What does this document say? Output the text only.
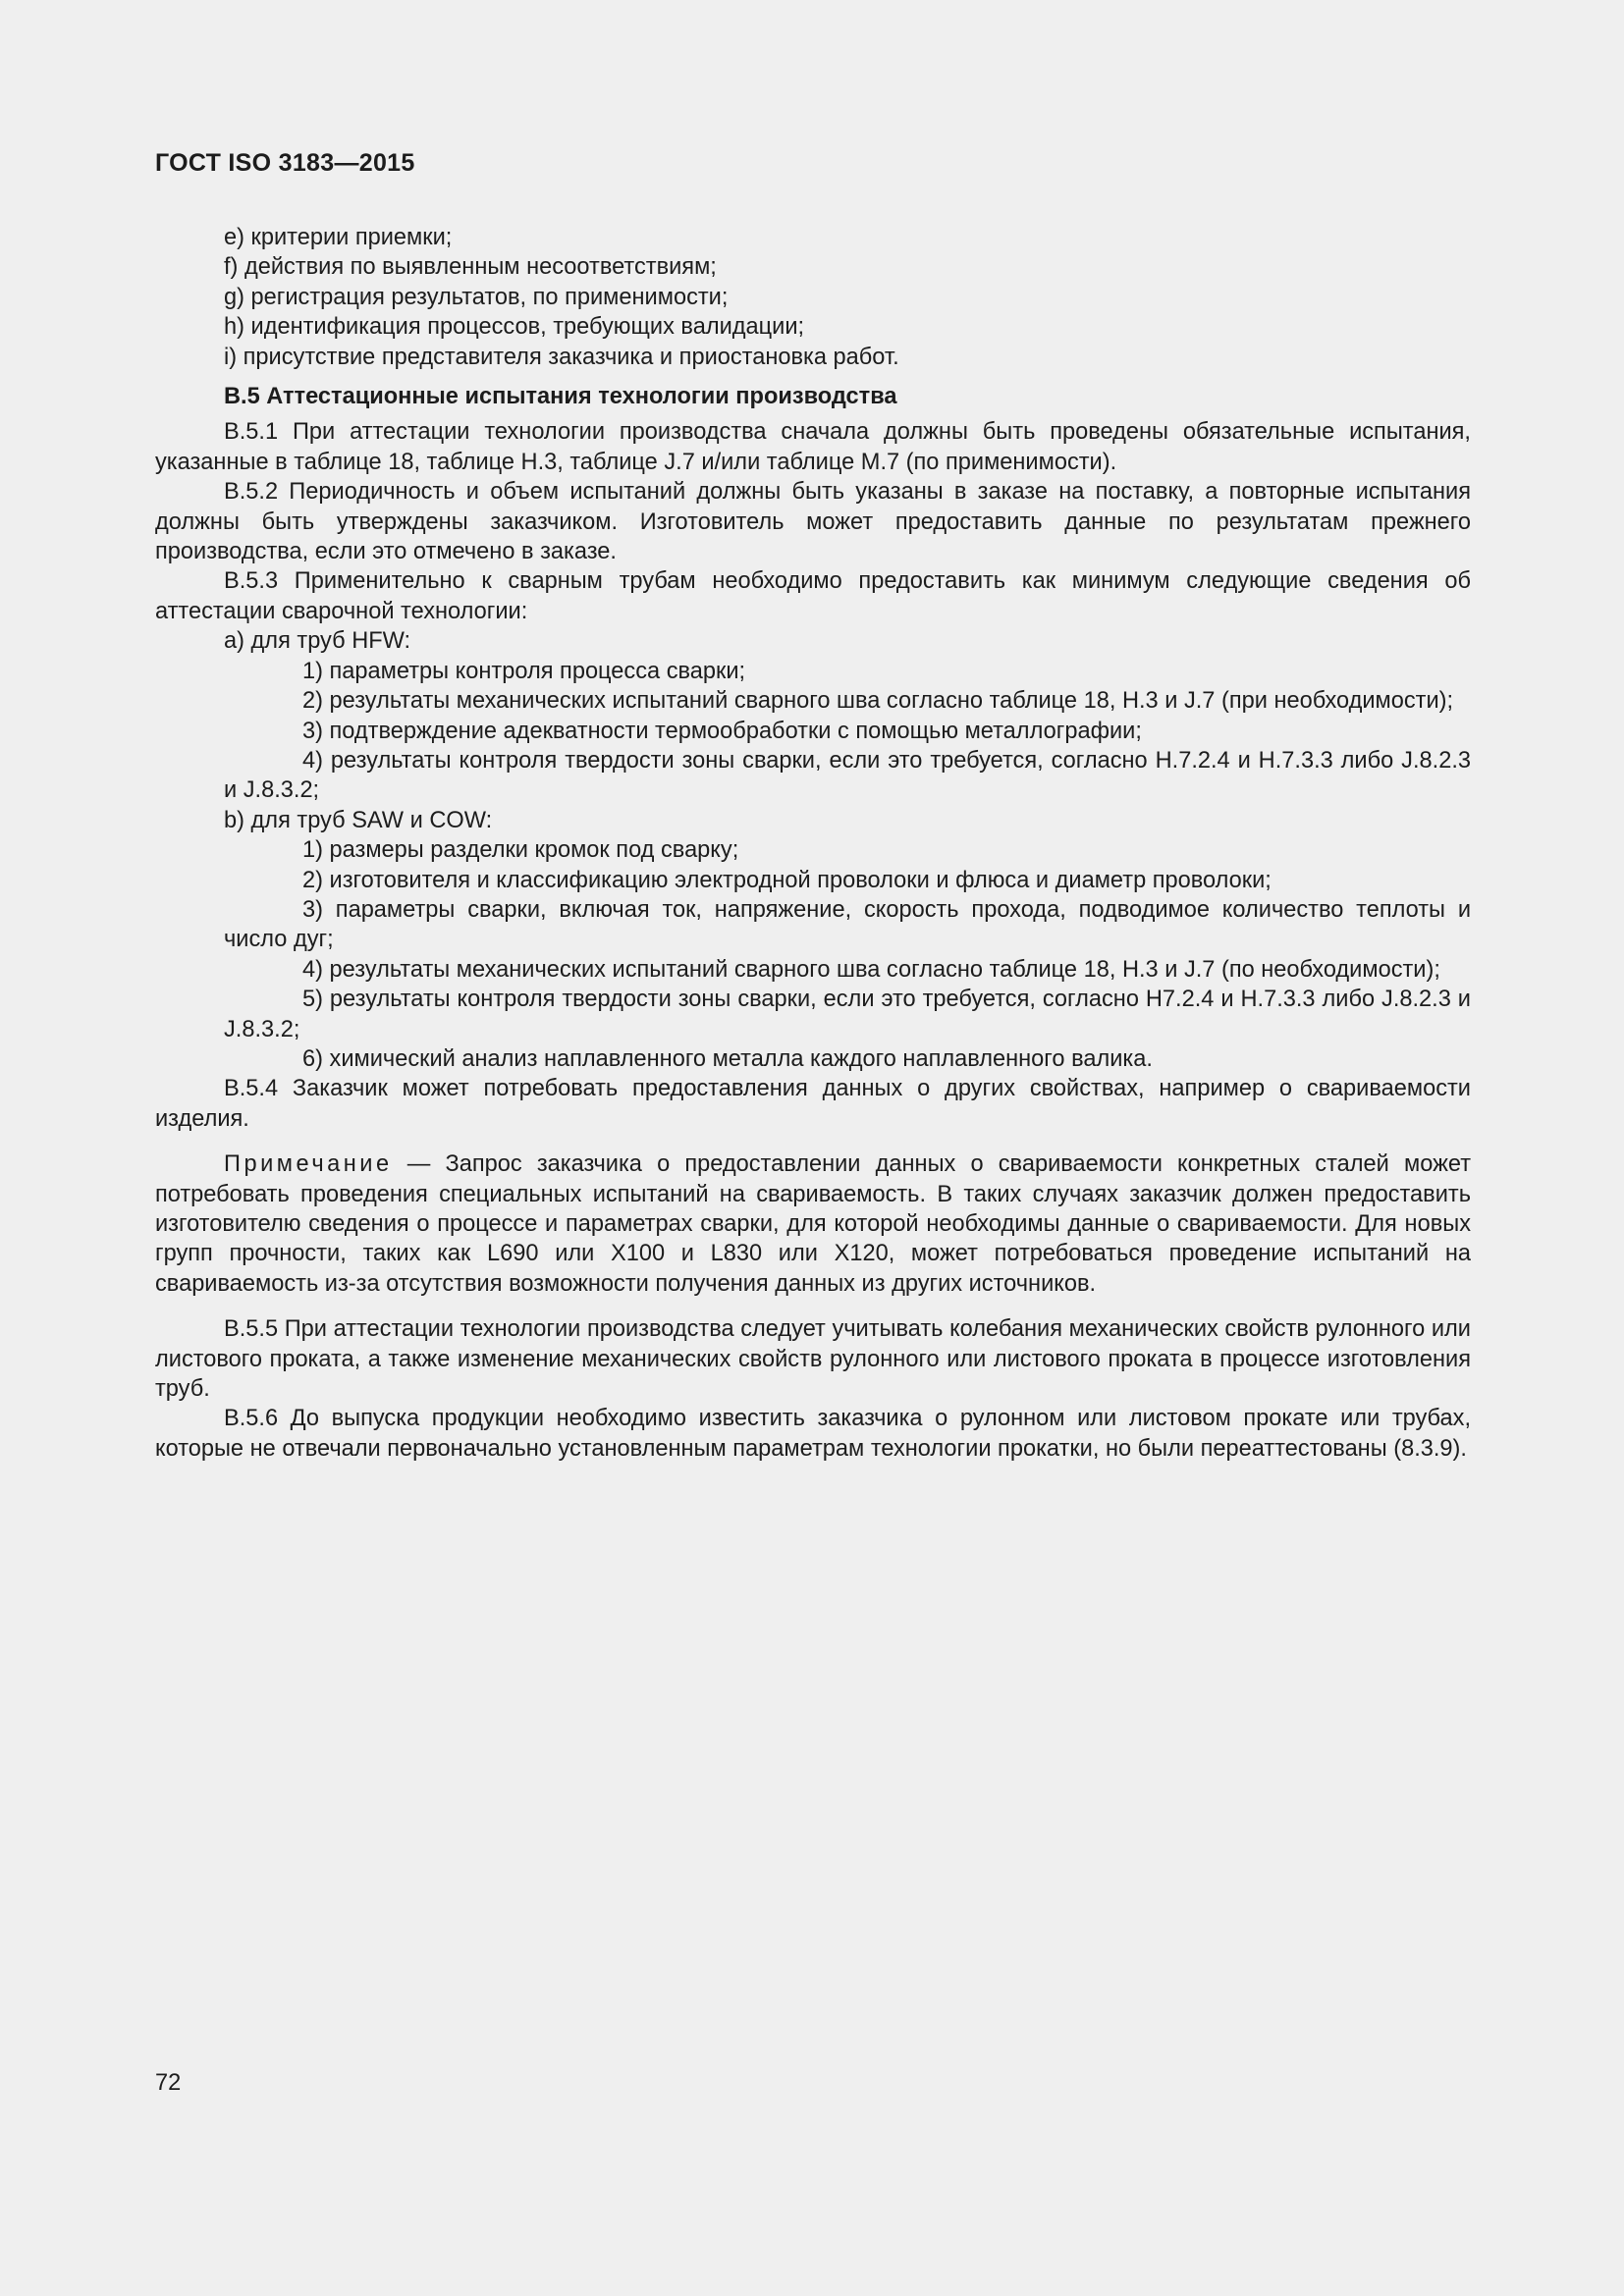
ГОСТ ISO 3183—2015

e) критерии приемки;

f) действия по выявленным несоответствиям;

g) регистрация результатов, по применимости;

h) идентификация процессов, требующих валидации;

i) присутствие представителя заказчика и приостановка работ.

B.5 Аттестационные испытания технологии производства

B.5.1 При аттестации технологии производства сначала должны быть проведены обязательные испытания, указанные в таблице 18, таблице H.3, таблице J.7 и/или таблице M.7 (по применимости).

B.5.2 Периодичность и объем испытаний должны быть указаны в заказе на поставку, а повторные испытания должны быть утверждены заказчиком. Изготовитель может предоставить данные по результатам прежнего производства, если это отмечено в заказе.

B.5.3 Применительно к сварным трубам необходимо предоставить как минимум следующие сведения об аттестации сварочной технологии:

a) для труб HFW:

1) параметры контроля процесса сварки;

2) результаты механических испытаний сварного шва согласно таблице 18, H.3 и J.7 (при необходимости);

3) подтверждение адекватности термообработки с помощью металлографии;

4) результаты контроля твердости зоны сварки, если это требуется, согласно H.7.2.4 и H.7.3.3 либо J.8.2.3 и J.8.3.2;

b) для труб SAW и COW:

1) размеры разделки кромок под сварку;

2) изготовителя и классификацию электродной проволоки и флюса и диаметр проволоки;

3) параметры сварки, включая ток, напряжение, скорость прохода, подводимое количество теплоты и число дуг;

4) результаты механических испытаний сварного шва согласно таблице 18, H.3 и J.7 (по необходимости);

5) результаты контроля твердости зоны сварки, если это требуется, согласно H7.2.4 и H.7.3.3 либо J.8.2.3 и J.8.3.2;

6) химический анализ наплавленного металла каждого наплавленного валика.

B.5.4 Заказчик может потребовать предоставления данных о других свойствах, например о свариваемости изделия.

Примечание — Запрос заказчика о предоставлении данных о свариваемости конкретных сталей может потребовать проведения специальных испытаний на свариваемость. В таких случаях заказчик должен предоставить изготовителю сведения о процессе и параметрах сварки, для которой необходимы данные о свариваемости. Для новых групп прочности, таких как L690 или X100 и L830 или X120, может потребоваться проведение испытаний на свариваемость из-за отсутствия возможности получения данных из других источников.

B.5.5 При аттестации технологии производства следует учитывать колебания механических свойств рулонного или листового проката, а также изменение механических свойств рулонного или листового проката в процессе изготовления труб.

B.5.6 До выпуска продукции необходимо известить заказчика о рулонном или листовом прокате или трубах, которые не отвечали первоначально установленным параметрам технологии прокатки, но были переаттестованы (8.3.9).

72
